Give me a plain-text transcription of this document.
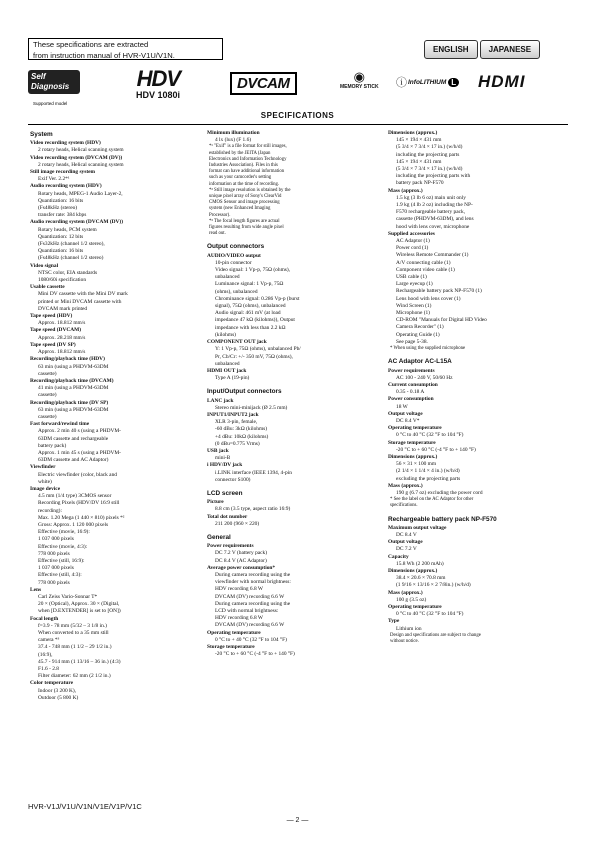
These specifications are extracted
from instruction manual of HVR-V1U/V1N.
ENGLISH	JAPANESE
Self Diagnosis
Supported model
HDV
HDV 1080i
DVCAM	◉
MEMORY STICK ⓘ InfoLITHIUM L HDMI
SPECIFICATIONS
System
Video recording system (HDV)
2 rotary heads, Helical scanning system
Video recording system (DVCAM (DV))
2 rotary heads, Helical scanning system
Still image recording system
Exif Ver. 2.2*¹
Audio recording system (HDV)
Rotary heads, MPEG-1 Audio Layer-2,
Quantization: 16 bits
(Fs48kHz (stereo)
transfer rate: 384 kbps
Audio recording system (DVCAM (DV))
Rotary heads, PCM system
Quantization: 12 bits
(Fs32kHz (channel 1/2 stereo),
Quantization: 16 bits
(Fs48kHz (channel 1/2 stereo)
Video signal
NTSC color, EIA standards
1080/60i specification
Usable cassette
Mini DV cassette with the Mini DV mark
printed or Mini DVCAM cassette with
DVCAM mark printed
Tape speed (HDV)
Approx. 18.812 mm/s
Tape speed (DVCAM)
Approx. 28.218 mm/s
Tape speed (DV SP)
Approx. 18.812 mm/s
Recording/playback time (HDV)
63 min (using a PHDVM-63DM
cassette)
Recording/playback time (DVCAM)
41 min (using a PHDVM-63DM
cassette)
Recording/playback time (DV SP)
63 min (using a PHDVM-63DM
cassette)
Fast forward/rewind time
Approx. 2 min 40 s (using a PHDVM-
63DM cassette and rechargeable
battery pack)
Approx. 1 min 45 s (using a PHDVM-
63DM cassette and AC Adaptor)
Viewfinder
Electric viewfinder (color, black and
white)
Image device
4.5 mm (1/4 type) 3CMOS sensor
Recording Pixels (HDV/DV 16:9 still
recording):
Max. 1.20 Mega (1 440 × 810) pixels *²
Gross: Approx. 1 120 000 pixels
Effective (movie, 16:9):
1 037 000 pixels
Effective (movie, 4:3):
778 000 pixels
Effective (still, 16:9):
1 037 000 pixels
Effective (still, 4:3):
778 000 pixels
Lens
Carl Zeiss Vario-Sonnar T*
20 × (Optical), Approx. 30 × (Digital,
when [D.EXTENDER] is set to [ON])
Focal length
f=3.9 - 78 mm (5/32 – 3 1/8 in.)
When converted to a 35 mm still
camera *³
37.4 - 748 mm (1 1/2 – 29 1/2 in.)
(16:9),
45.7 - 914 mm (1 13/16 – 36 in.) (4:3)
F1.6 - 2.8
Filter diameter: 62 mm (2 1/2 in.)
Color temperature
Indoor (3 200 K),
Outdoor (5 800 K)
Minimum illumination
4 lx (lux) (F 1.6)
*¹ "Exif" is a file format for still images,
established by the JEITA (Japan
Electronics and Information Technology
Industries Association). Files in this
format can have additional information
such as your camcorder's setting
information at the time of recording.
*² Still image resolution is obtained by the
unique pixel array of Sony's ClearVid
CMOS Sensor and image processing
system (new Enhanced Imaging
Processor).
*³ The focal length figures are actual
figures resulting from wide angle pixel
read out.
Output connectors
AUDIO/VIDEO output
10-pin connector
Video signal: 1 Vp-p, 75Ω (ohms),
unbalanced
Luminance signal: 1 Vp-p, 75Ω
(ohms), unbalanced
Chrominance signal: 0.286 Vp-p (burst
signal), 75Ω (ohms), unbalanced
Audio signal: 461 mV (at load
impedance 47 kΩ (kilohms)), Output
impedance with less than 2.2 kΩ
(kilohms)
COMPONENT OUT jack
Y: 1 Vp-p, 75Ω (ohms), unbalanced Pb/
Pr, Cb/Cr: +/- 350 mV, 75Ω (ohms),
unbalanced
HDMI OUT jack
Type A (19-pin)
Input/Output connectors
LANC jack
Stereo mini-minijack (Ø 2.5 mm)
INPUT1/INPUT2 jack
XLR 3-pin, female,
-60 dBu: 3kΩ (kilohms)
+4 dBu: 10kΩ (kilohms)
(0 dBu=0.775 Vrms)
USB jack
mini-B
i HDV/DV jack
i.LINK interface (IEEE 1394, 4-pin
connector S100)
LCD screen
Picture
8.8 cm (3.5 type, aspect ratio 16:9)
Total dot number
211 200 (960 × 220)
General
Power requirements
DC 7.2 V (battery pack)
DC 8.4 V (AC Adaptor)
Average power consumption*
During camera recording using the
viewfinder with normal brightness:
HDV recording 6.8 W
DVCAM (DV) recording 6.6 W
During camera recording using the
LCD with normal brightness:
HDV recording 6.8 W
DVCAM (DV) recording 6.6 W
Operating temperature
0 °C to + 40 °C (32 °F to 104 °F)
Storage temperature
-20 °C to + 60 °C (-4 °F to + 140 °F)
Dimensions (approx.)
145 × 194 × 431 mm
(5 3/4 × 7 3/4 × 17 in.) (w/h/d)
including the projecting parts
145 × 194 × 431 mm
(5 3/4 × 7 3/4 × 17 in.) (w/h/d)
including the projecting parts with
battery pack NP-F570
Mass (approx.)
1.5 kg (3 lb 6 oz) main unit only
1.9 kg (4 lb 2 oz) including the NP-
F570 rechargeable battery pack,
cassette (PHDVM-63DM), and lens
hood with lens cover, microphone
Supplied accessories
AC Adaptor (1)
Power cord (1)
Wireless Remote Commander (1)
A/V connecting cable (1)
Component video cable (1)
USB cable (1)
Large eyecup (1)
Rechargeable battery pack NP-F570 (1)
Lens hood with lens cover (1)
Wind Screen (1)
Microphone (1)
CD-ROM "Manuals for Digital HD Video
Camera Recorder" (1)
Operating Guide (1)
See page 5-38.
* When using the supplied microphone
AC Adaptor AC-L15A
Power requirements
AC 100 - 240 V, 50/60 Hz
Current consumption
0.35 - 0.18 A
Power consumption
18 W
Output voltage
DC 8.4 V*
Operating temperature
0 °C to 40 °C (32 °F to 104 °F)
Storage temperature
-20 °C to + 60 °C (-4 °F to + 140 °F)
Dimensions (approx.)
56 × 31 × 100 mm
(2 1/4 × 1 1/4 × 4 in.) (w/h/d)
excluding the projecting parts
Mass (approx.)
190 g (6.7 oz) excluding the power cord
* See the label on the AC Adaptor for other
specifications.
Rechargeable battery pack NP-F570
Maximum output voltage
DC 8.4 V
Output voltage
DC 7.2 V
Capacity
15.8 Wh (2 200 mAh)
Dimensions (approx.)
38.4 × 20.6 × 70.8 mm
(1 9/16 × 13/16 × 2 7/8in.) (w/h/d)
Mass (approx.)
100 g (3.5 oz)
Operating temperature
0 °C to 40 °C (32 °F to 104 °F)
Type
Lithium ion
Design and specifications are subject to change
without notice.
HVR-V1J/V1U/V1N/V1E/V1P/V1C
— 2 —
